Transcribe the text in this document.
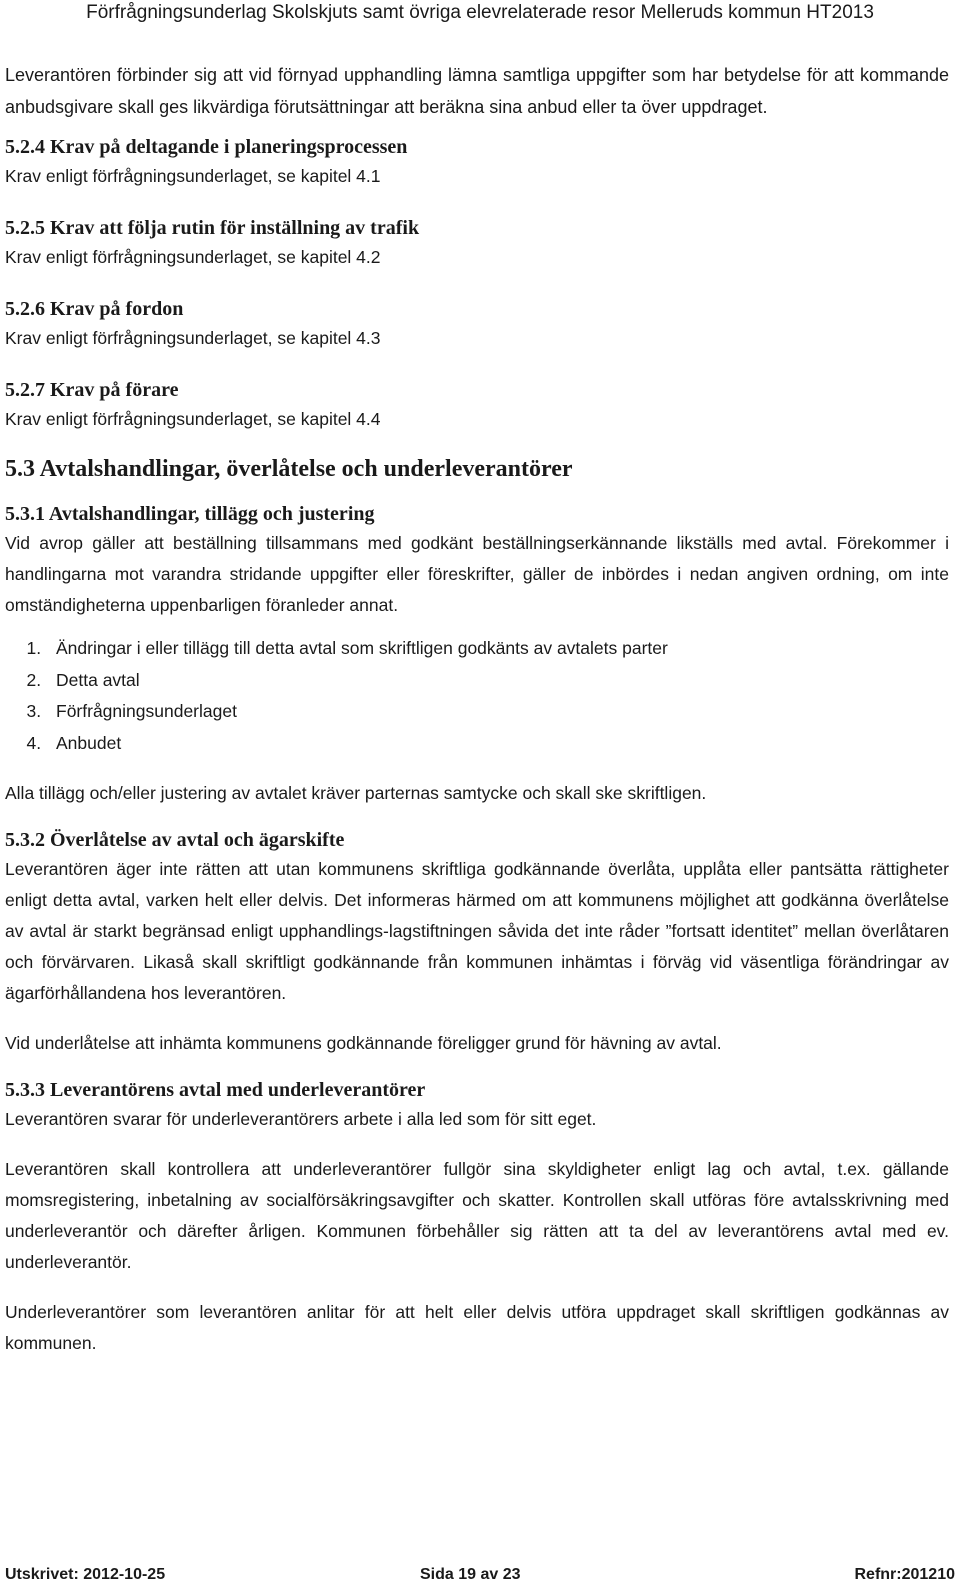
Förfrågningsunderlag Skolskjuts samt övriga elevrelaterade resor Melleruds kommun HT2013

Leverantören förbinder sig att vid förnyad upphandling lämna samtliga uppgifter som har betydelse för att kommande anbudsgivare skall ges likvärdiga förutsättningar att beräkna sina anbud eller ta över uppdraget.

5.2.4 Krav på deltagande i planeringsprocessen

Krav enligt förfrågningsunderlaget, se kapitel 4.1

5.2.5 Krav att följa rutin för inställning av trafik

Krav enligt förfrågningsunderlaget, se kapitel 4.2

5.2.6 Krav på fordon

Krav enligt förfrågningsunderlaget, se kapitel 4.3

5.2.7 Krav på förare

Krav enligt förfrågningsunderlaget, se kapitel 4.4

5.3 Avtalshandlingar, överlåtelse och underleverantörer

5.3.1 Avtalshandlingar, tillägg och justering

Vid avrop gäller att beställning tillsammans med godkänt beställningserkännande likställs med avtal. Förekommer i handlingarna mot varandra stridande uppgifter eller föreskrifter, gäller de inbördes i nedan angiven ordning, om inte omständigheterna uppenbarligen föranleder annat.

1. Ändringar i eller tillägg till detta avtal som skriftligen godkänts av avtalets parter
2. Detta avtal
3. Förfrågningsunderlaget
4. Anbudet

Alla tillägg och/eller justering av avtalet kräver parternas samtycke och skall ske skriftligen.

5.3.2 Överlåtelse av avtal och ägarskifte

Leverantören äger inte rätten att utan kommunens skriftliga godkännande överlåta, upplåta eller pantsätta rättigheter enligt detta avtal, varken helt eller delvis. Det informeras härmed om att kommunens möjlighet att godkänna överlåtelse av avtal är starkt begränsad enligt upphandlings-lagstiftningen såvida det inte råder ”fortsatt identitet” mellan överlåtaren och förvärvaren. Likaså skall skriftligt godkännande från kommunen inhämtas i förväg vid väsentliga förändringar av ägarförhållandena hos leverantören.

Vid underlåtelse att inhämta kommunens godkännande föreligger grund för hävning av avtal.

5.3.3 Leverantörens avtal med underleverantörer

Leverantören svarar för underleverantörers arbete i alla led som för sitt eget.

Leverantören skall kontrollera att underleverantörer fullgör sina skyldigheter enligt lag och avtal, t.ex. gällande momsregistering, inbetalning av socialförsäkringsavgifter och skatter. Kontrollen skall utföras före avtalsskrivning med underleverantör och därefter årligen. Kommunen förbehåller sig rätten att ta del av leverantörens avtal med ev. underleverantör.

Underleverantörer som leverantören anlitar för att helt eller delvis utföra uppdraget skall skriftligen godkännas av kommunen.

Utskrivet: 2012-10-25	Sida 19 av 23	Refnr:201210
